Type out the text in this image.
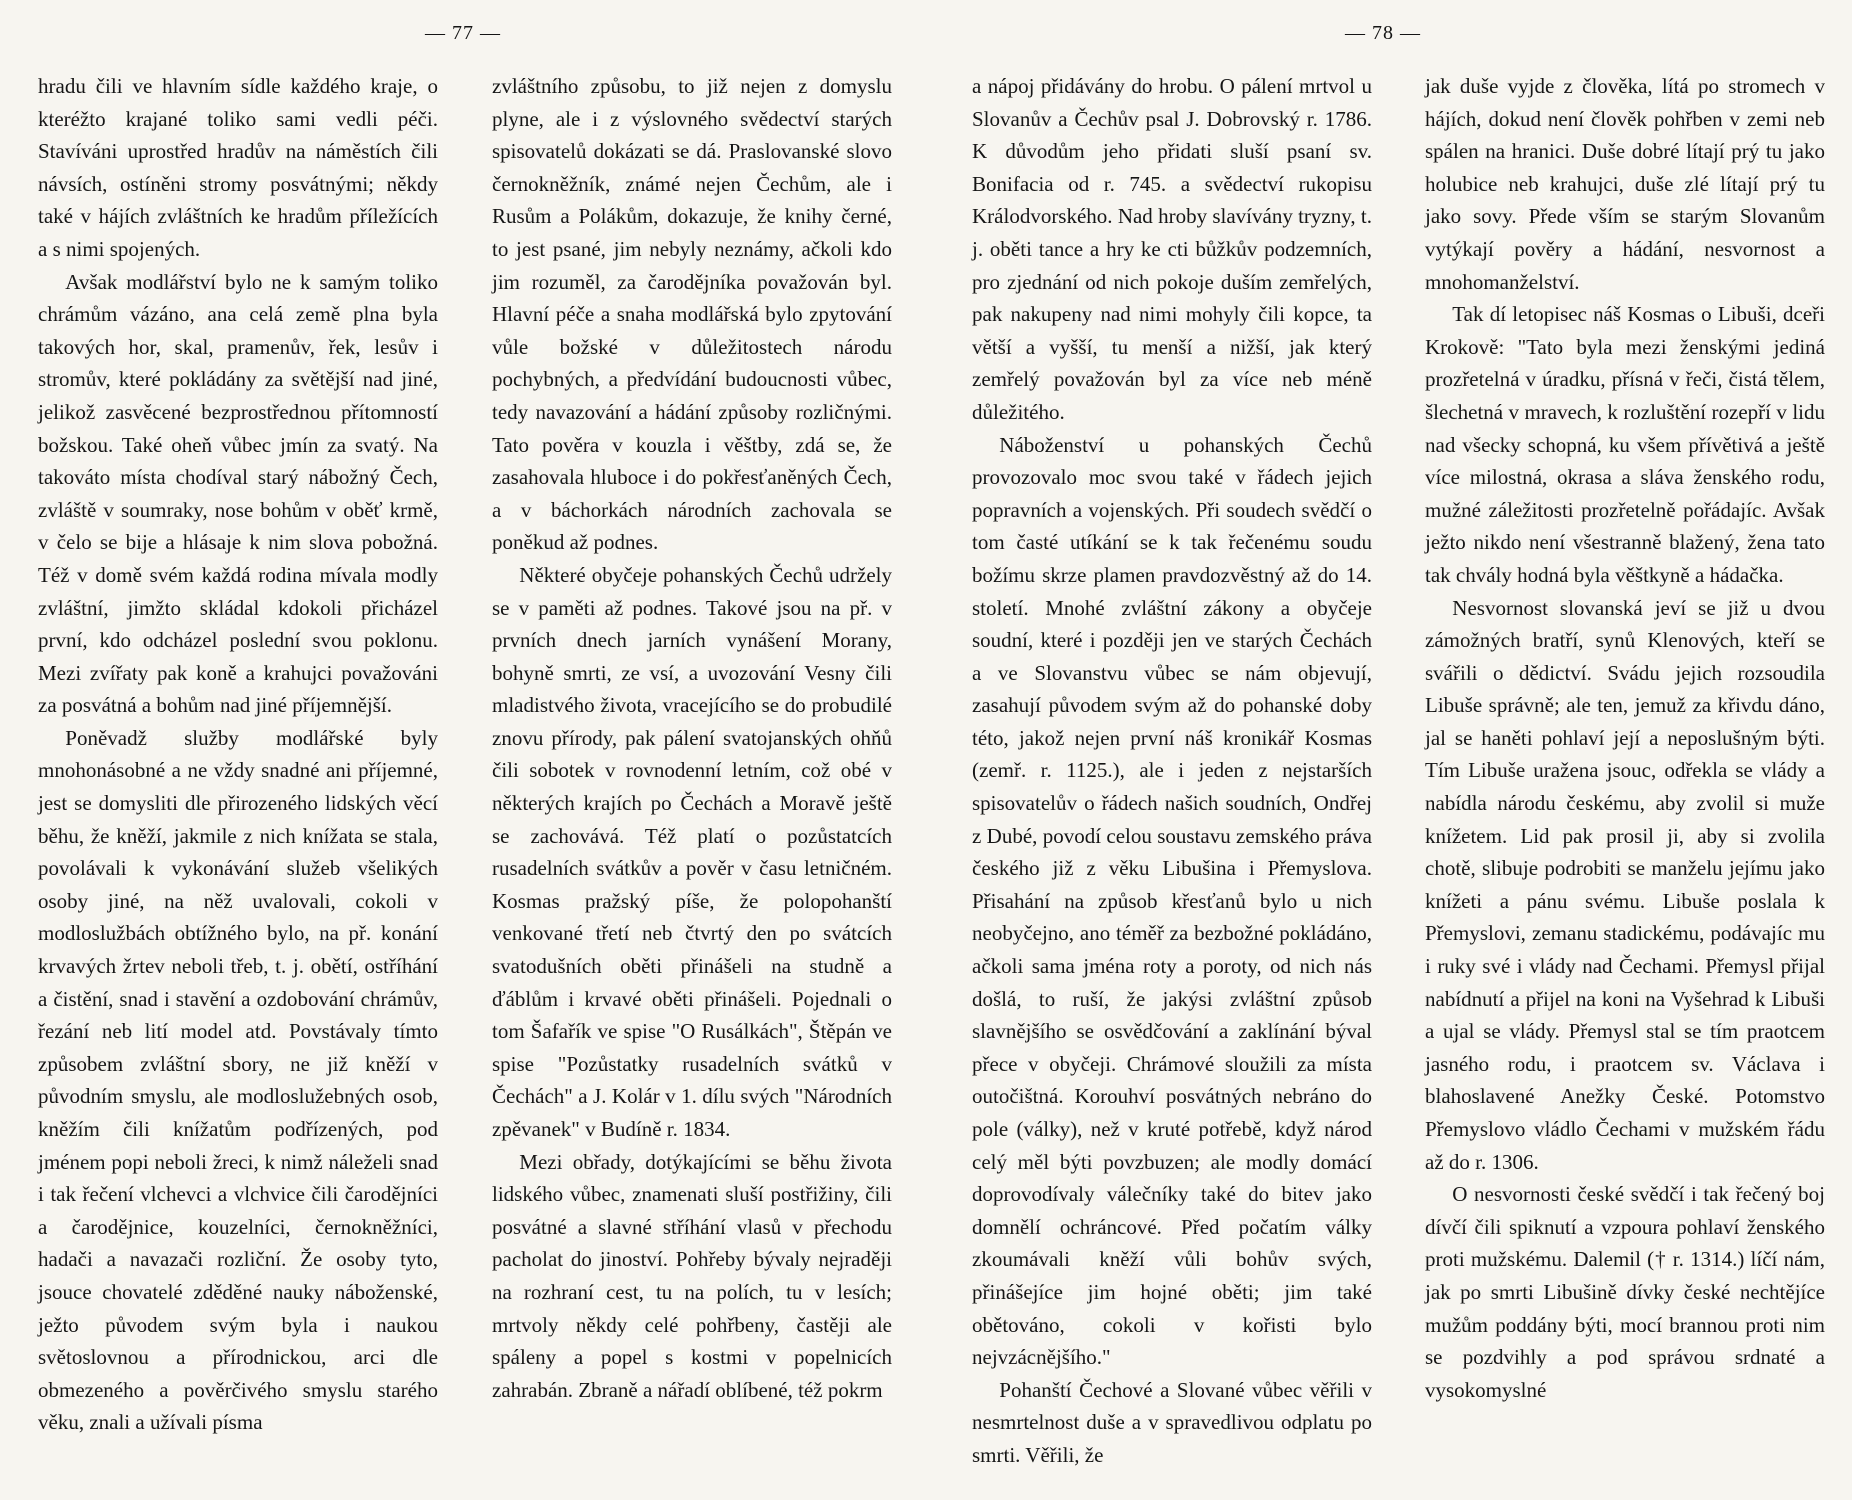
— 77 —	— 78 —

hradu čili ve hlavním sídle každého kraje, o kteréžto krajané toliko sami vedli péči. Stavíváni uprostřed hradův na náměstích čili návsích, ostíněni stromy posvátnými; někdy také v hájích zvláštních ke hradům příležících a s nimi spojených.

Avšak modlářství bylo ne k samým toliko chrámům vázáno, ana celá země plna byla takových hor, skal, pramenův, řek, lesův i stromův, které pokládány za světější nad jiné, jelikož zasvěcené bezprostřednou přítomností božskou. Také oheň vůbec jmín za svatý. Na takováto místa chodíval starý nábožný Čech, zvláště v soumraky, nose bohům v oběť krmě, v čelo se bije a hlásaje k nim slova pobožná. Též v domě svém každá rodina mívala modly zvláštní, jimžto skládal kdokoli přicházel první, kdo odcházel poslední svou poklonu. Mezi zvířaty pak koně a krahujci považováni za posvátná a bohům nad jiné příjemnější.

Poněvadž služby modlářské byly mnohonásobné a ne vždy snadné ani příjemné, jest se domysliti dle přirozeného lidských věcí běhu, že kněží, jakmile z nich knížata se stala, povolávali k vykonávání služeb všelikých osoby jiné, na něž uvalovali, cokoli v modloslužbách obtížného bylo, na př. konání krvavých žrtev neboli třeb, t. j. obětí, ostříhání a čistění, snad i stavění a ozdobování chrámův, řezání neb lití model atd. Povstávaly tímto způsobem zvláštní sbory, ne již kněží v původním smyslu, ale modloslužebných osob, kněžím čili knížatům podřízených, pod jménem popi neboli žreci, k nimž náleželi snad i tak řečení vlchevci a vlchvice čili čarodějníci a čarodějnice, kouzelníci, černokněžníci, hadači a navazači rozliční. Že osoby tyto, jsouce chovatelé zděděné nauky náboženské, ježto původem svým byla i naukou světoslovnou a přírodnickou, arci dle obmezeného a pověrčivého smyslu starého věku, znali a užívali písma

zvláštního způsobu, to již nejen z domyslu plyne, ale i z výslovného svědectví starých spisovatelů dokázati se dá. Praslovanské slovo černokněžník, známé nejen Čechům, ale i Rusům a Polákům, dokazuje, že knihy černé, to jest psané, jim nebyly neznámy, ačkoli kdo jim rozuměl, za čarodějníka považován byl. Hlavní péče a snaha modlářská bylo zpytování vůle božské v důležitostech národu pochybných, a předvídání budoucnosti vůbec, tedy navazování a hádání způsoby rozličnými. Tato pověra v kouzla i věštby, zdá se, že zasahovala hluboce i do pokřesťaněných Čech, a v báchorkách národních zachovala se poněkud až podnes.

Některé obyčeje pohanských Čechů udržely se v paměti až podnes. Takové jsou na př. v prvních dnech jarních vynášení Morany, bohyně smrti, ze vsí, a uvozování Vesny čili mladistvého života, vracejícího se do probudilé znovu přírody, pak pálení svatojanských ohňů čili sobotek v rovnodenní letním, což obé v některých krajích po Čechách a Moravě ještě se zachovává. Též platí o pozůstatcích rusadelních svátkův a pověr v času letničném. Kosmas pražský píše, že polopohanští venkované třetí neb čtvrtý den po svátcích svatodušních oběti přinášeli na studně a ďáblům i krvavé oběti přinášeli. Pojednali o tom Šafařík ve spise "O Rusálkách", Štěpán ve spise "Pozůstatky rusadelních svátků v Čechách" a J. Kolár v 1. dílu svých "Národních zpěvanek" v Budíně r. 1834.

Mezi obřady, dotýkajícími se běhu života lidského vůbec, znamenati sluší postřižiny, čili posvátné a slavné stříhání vlasů v přechodu pacholat do jinoství. Pohřeby bývaly nejraději na rozhraní cest, tu na polích, tu v lesích; mrtvoly někdy celé pohřbeny, častěji ale spáleny a popel s kostmi v popelnicích zahrabán. Zbraně a nářadí oblíbené, též pokrm

a nápoj přidávány do hrobu. O pálení mrtvol u Slovanův a Čechův psal J. Dobrovský r. 1786. K důvodům jeho přidati sluší psaní sv. Bonifacia od r. 745. a svědectví rukopisu Králodvorského. Nad hroby slavívány tryzny, t. j. oběti tance a hry ke cti bůžkův podzemních, pro zjednání od nich pokoje duším zemřelých, pak nakupeny nad nimi mohyly čili kopce, ta větší a vyšší, tu menší a nižší, jak který zemřelý považován byl za více neb méně důležitého.

Náboženství u pohanských Čechů provozovalo moc svou také v řádech jejich popravních a vojenských. Při soudech svědčí o tom časté utíkání se k tak řečenému soudu božímu skrze plamen pravdozvěstný až do 14. století. Mnohé zvláštní zákony a obyčeje soudní, které i později jen ve starých Čechách a ve Slovanstvu vůbec se nám objevují, zasahují původem svým až do pohanské doby této, jakož nejen první náš kronikář Kosmas (zemř. r. 1125.), ale i jeden z nejstarších spisovatelův o řádech našich soudních, Ondřej z Dubé, povodí celou soustavu zemského práva českého již z věku Libušina i Přemyslova. Přisahání na způsob křesťanů bylo u nich neobyčejno, ano téměř za bezbožné pokládáno, ačkoli sama jména roty a poroty, od nich nás došlá, to ruší, že jakýsi zvláštní způsob slavnějšího se osvědčování a zaklínání býval přece v obyčeji. Chrámové sloužili za místa outočištná. Korouhví posvátných nebráno do pole (války), než v kruté potřebě, když národ celý měl býti povzbuzen; ale modly domácí doprovodívaly válečníky také do bitev jako domnělí ochráncové. Před počatím války zkoumávali kněží vůli bohův svých, přinášejíce jim hojné oběti; jim také obětováno, cokoli v kořisti bylo nejvzácnějšího."

Pohanští Čechové a Slované vůbec věřili v nesmrtelnost duše a v spravedlivou odplatu po smrti. Věřili, že

jak duše vyjde z člověka, lítá po stromech v hájích, dokud není člověk pohřben v zemi neb spálen na hranici. Duše dobré lítají prý tu jako holubice neb krahujci, duše zlé lítají prý tu jako sovy. Přede vším se starým Slovanům vytýkají pověry a hádání, nesvornost a mnohomanželství.

Tak dí letopisec náš Kosmas o Libuši, dceři Krokově: "Tato byla mezi ženskými jediná prozřetelná v úradku, přísná v řeči, čistá tělem, šlechetná v mravech, k rozluštění rozepří v lidu nad všecky schopná, ku všem přívětivá a ještě více milostná, okrasa a sláva ženského rodu, mužné záležitosti prozřetelně pořádajíc. Avšak ježto nikdo není všestranně blažený, žena tato tak chvály hodná byla věštkyně a hádačka.

Nesvornost slovanská jeví se již u dvou zámožných bratří, synů Klenových, kteří se svářili o dědictví. Svádu jejich rozsoudila Libuše správně; ale ten, jemuž za křivdu dáno, jal se haněti pohlaví její a neposlušným býti. Tím Libuše uražena jsouc, odřekla se vlády a nabídla národu českému, aby zvolil si muže knížetem. Lid pak prosil ji, aby si zvolila chotě, slibuje podrobiti se manželu jejímu jako knížeti a pánu svému. Libuše poslala k Přemyslovi, zemanu stadickému, podávajíc mu i ruky své i vlády nad Čechami. Přemysl přijal nabídnutí a přijel na koni na Vyšehrad k Libuši a ujal se vlády. Přemysl stal se tím praotcem jasného rodu, i praotcem sv. Václava i blahoslavené Anežky České. Potomstvo Přemyslovo vládlo Čechami v mužském řádu až do r. 1306.

O nesvornosti české svědčí i tak řečený boj dívčí čili spiknutí a vzpoura pohlaví ženského proti mužskému. Dalemil († r. 1314.) líčí nám, jak po smrti Libušině dívky české nechtějíce mužům poddány býti, mocí brannou proti nim se pozdvihly a pod správou srdnaté a vysokomyslné
